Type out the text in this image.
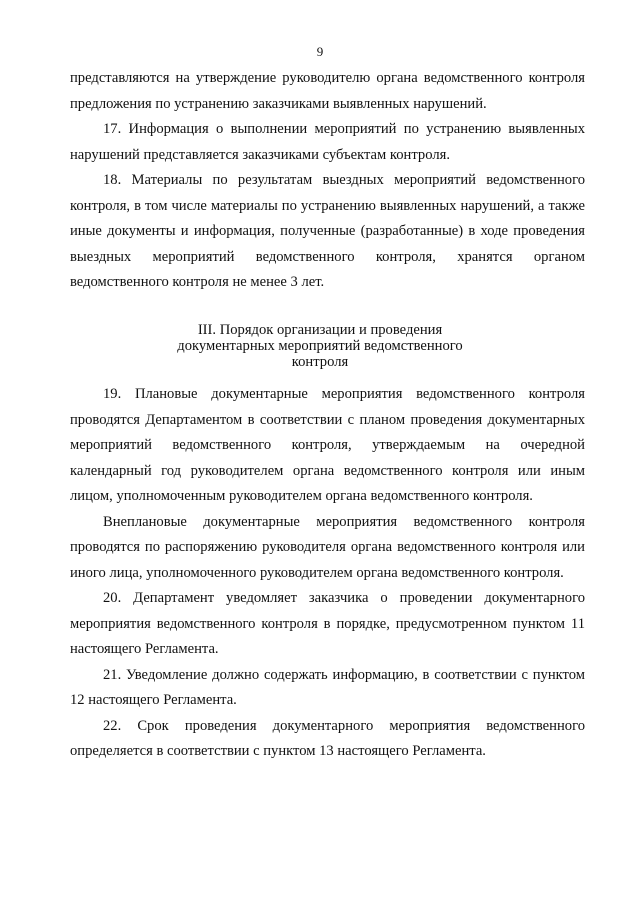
9

представляются на утверждение руководителю органа ведомственного контроля предложения по устранению заказчиками выявленных нарушений.

17. Информация о выполнении мероприятий по устранению выявленных нарушений представляется заказчиками субъектам контроля.

18. Материалы по результатам выездных мероприятий ведомственного контроля, в том числе материалы по устранению выявленных нарушений, а также иные документы и информация, полученные (разработанные) в ходе проведения выездных мероприятий ведомственного контроля, хранятся органом ведомственного контроля не менее 3 лет.

III. Порядок организации и проведения
документарных мероприятий ведомственного
контроля

19. Плановые документарные мероприятия ведомственного контроля проводятся Департаментом в соответствии с планом проведения документарных мероприятий ведомственного контроля, утверждаемым на очередной календарный год руководителем органа ведомственного контроля или иным лицом, уполномоченным руководителем органа ведомственного контроля.

Внеплановые документарные мероприятия ведомственного контроля проводятся по распоряжению руководителя органа ведомственного контроля или иного лица, уполномоченного руководителем органа ведомственного контроля.

20. Департамент уведомляет заказчика о проведении документарного мероприятия ведомственного контроля в порядке, предусмотренном пунктом 11 настоящего Регламента.

21. Уведомление должно содержать информацию, в соответствии с пунктом 12 настоящего Регламента.

22. Срок проведения документарного мероприятия ведомственного определяется в соответствии с пунктом 13 настоящего Регламента.
